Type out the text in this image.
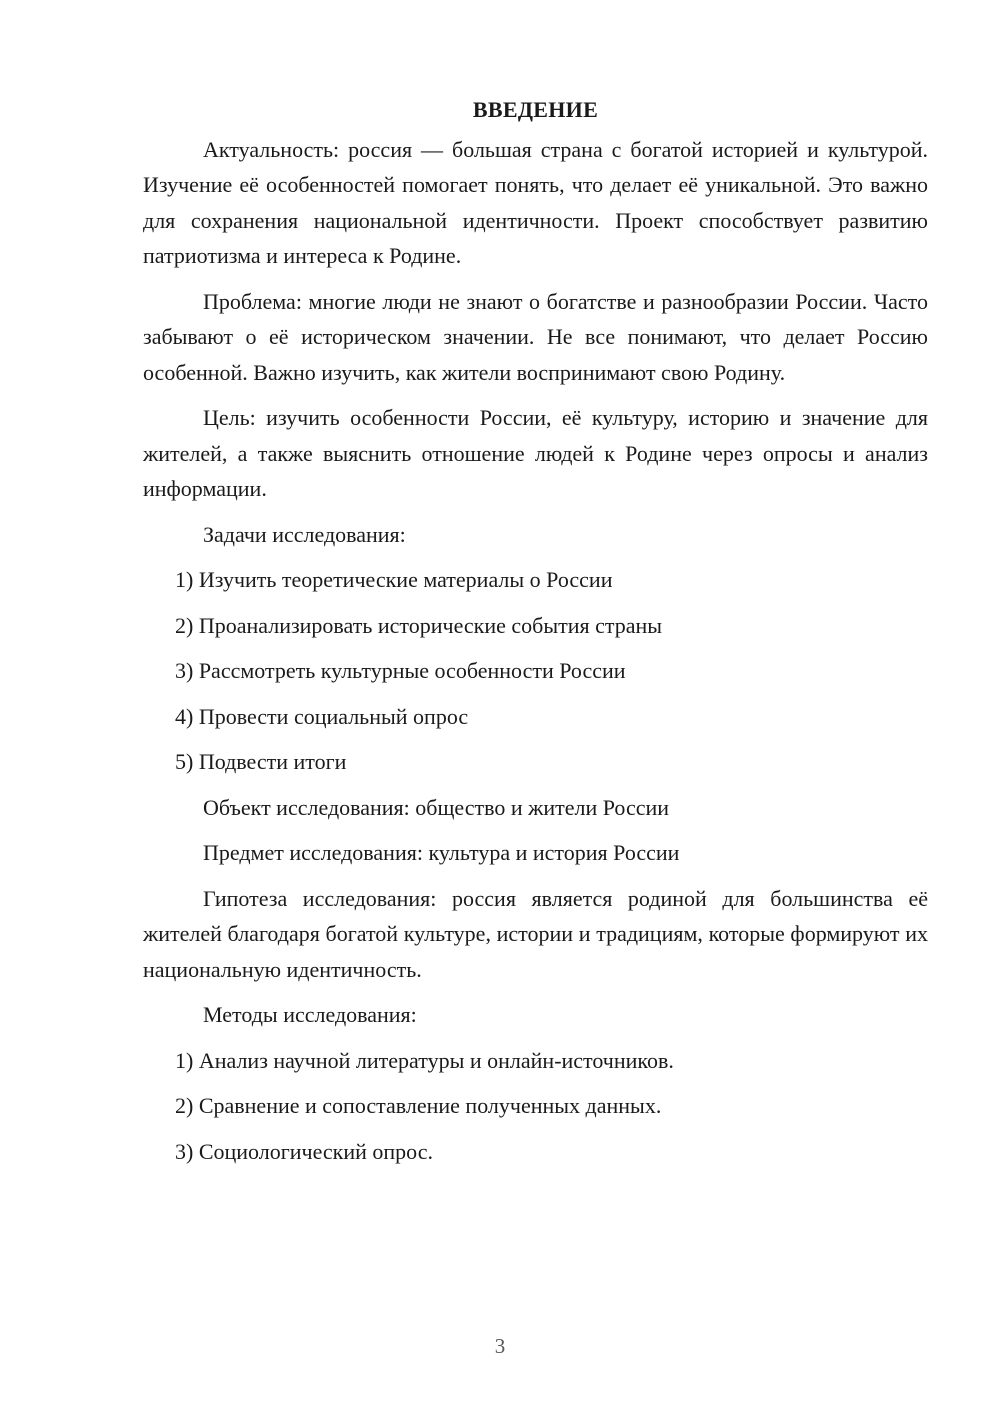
ВВЕДЕНИЕ

Актуальность: россия — большая страна с богатой историей и культурой. Изучение её особенностей помогает понять, что делает её уникальной. Это важно для сохранения национальной идентичности. Проект способствует развитию патриотизма и интереса к Родине.

Проблема: многие люди не знают о богатстве и разнообразии России. Часто забывают о её историческом значении. Не все понимают, что делает Россию особенной. Важно изучить, как жители воспринимают свою Родину.

Цель: изучить особенности России, её культуру, историю и значение для жителей, а также выяснить отношение людей к Родине через опросы и анализ информации.

Задачи исследования:

1) Изучить теоретические материалы о России

2) Проанализировать исторические события страны

3) Рассмотреть культурные особенности России

4) Провести социальный опрос

5) Подвести итоги

Объект исследования: общество и жители России

Предмет исследования: культура и история России

Гипотеза исследования: россия является родиной для большинства её жителей благодаря богатой культуре, истории и традициям, которые формируют их национальную идентичность.

Методы исследования:

1) Анализ научной литературы и онлайн-источников.

2) Сравнение и сопоставление полученных данных.

3) Социологический опрос.

3
